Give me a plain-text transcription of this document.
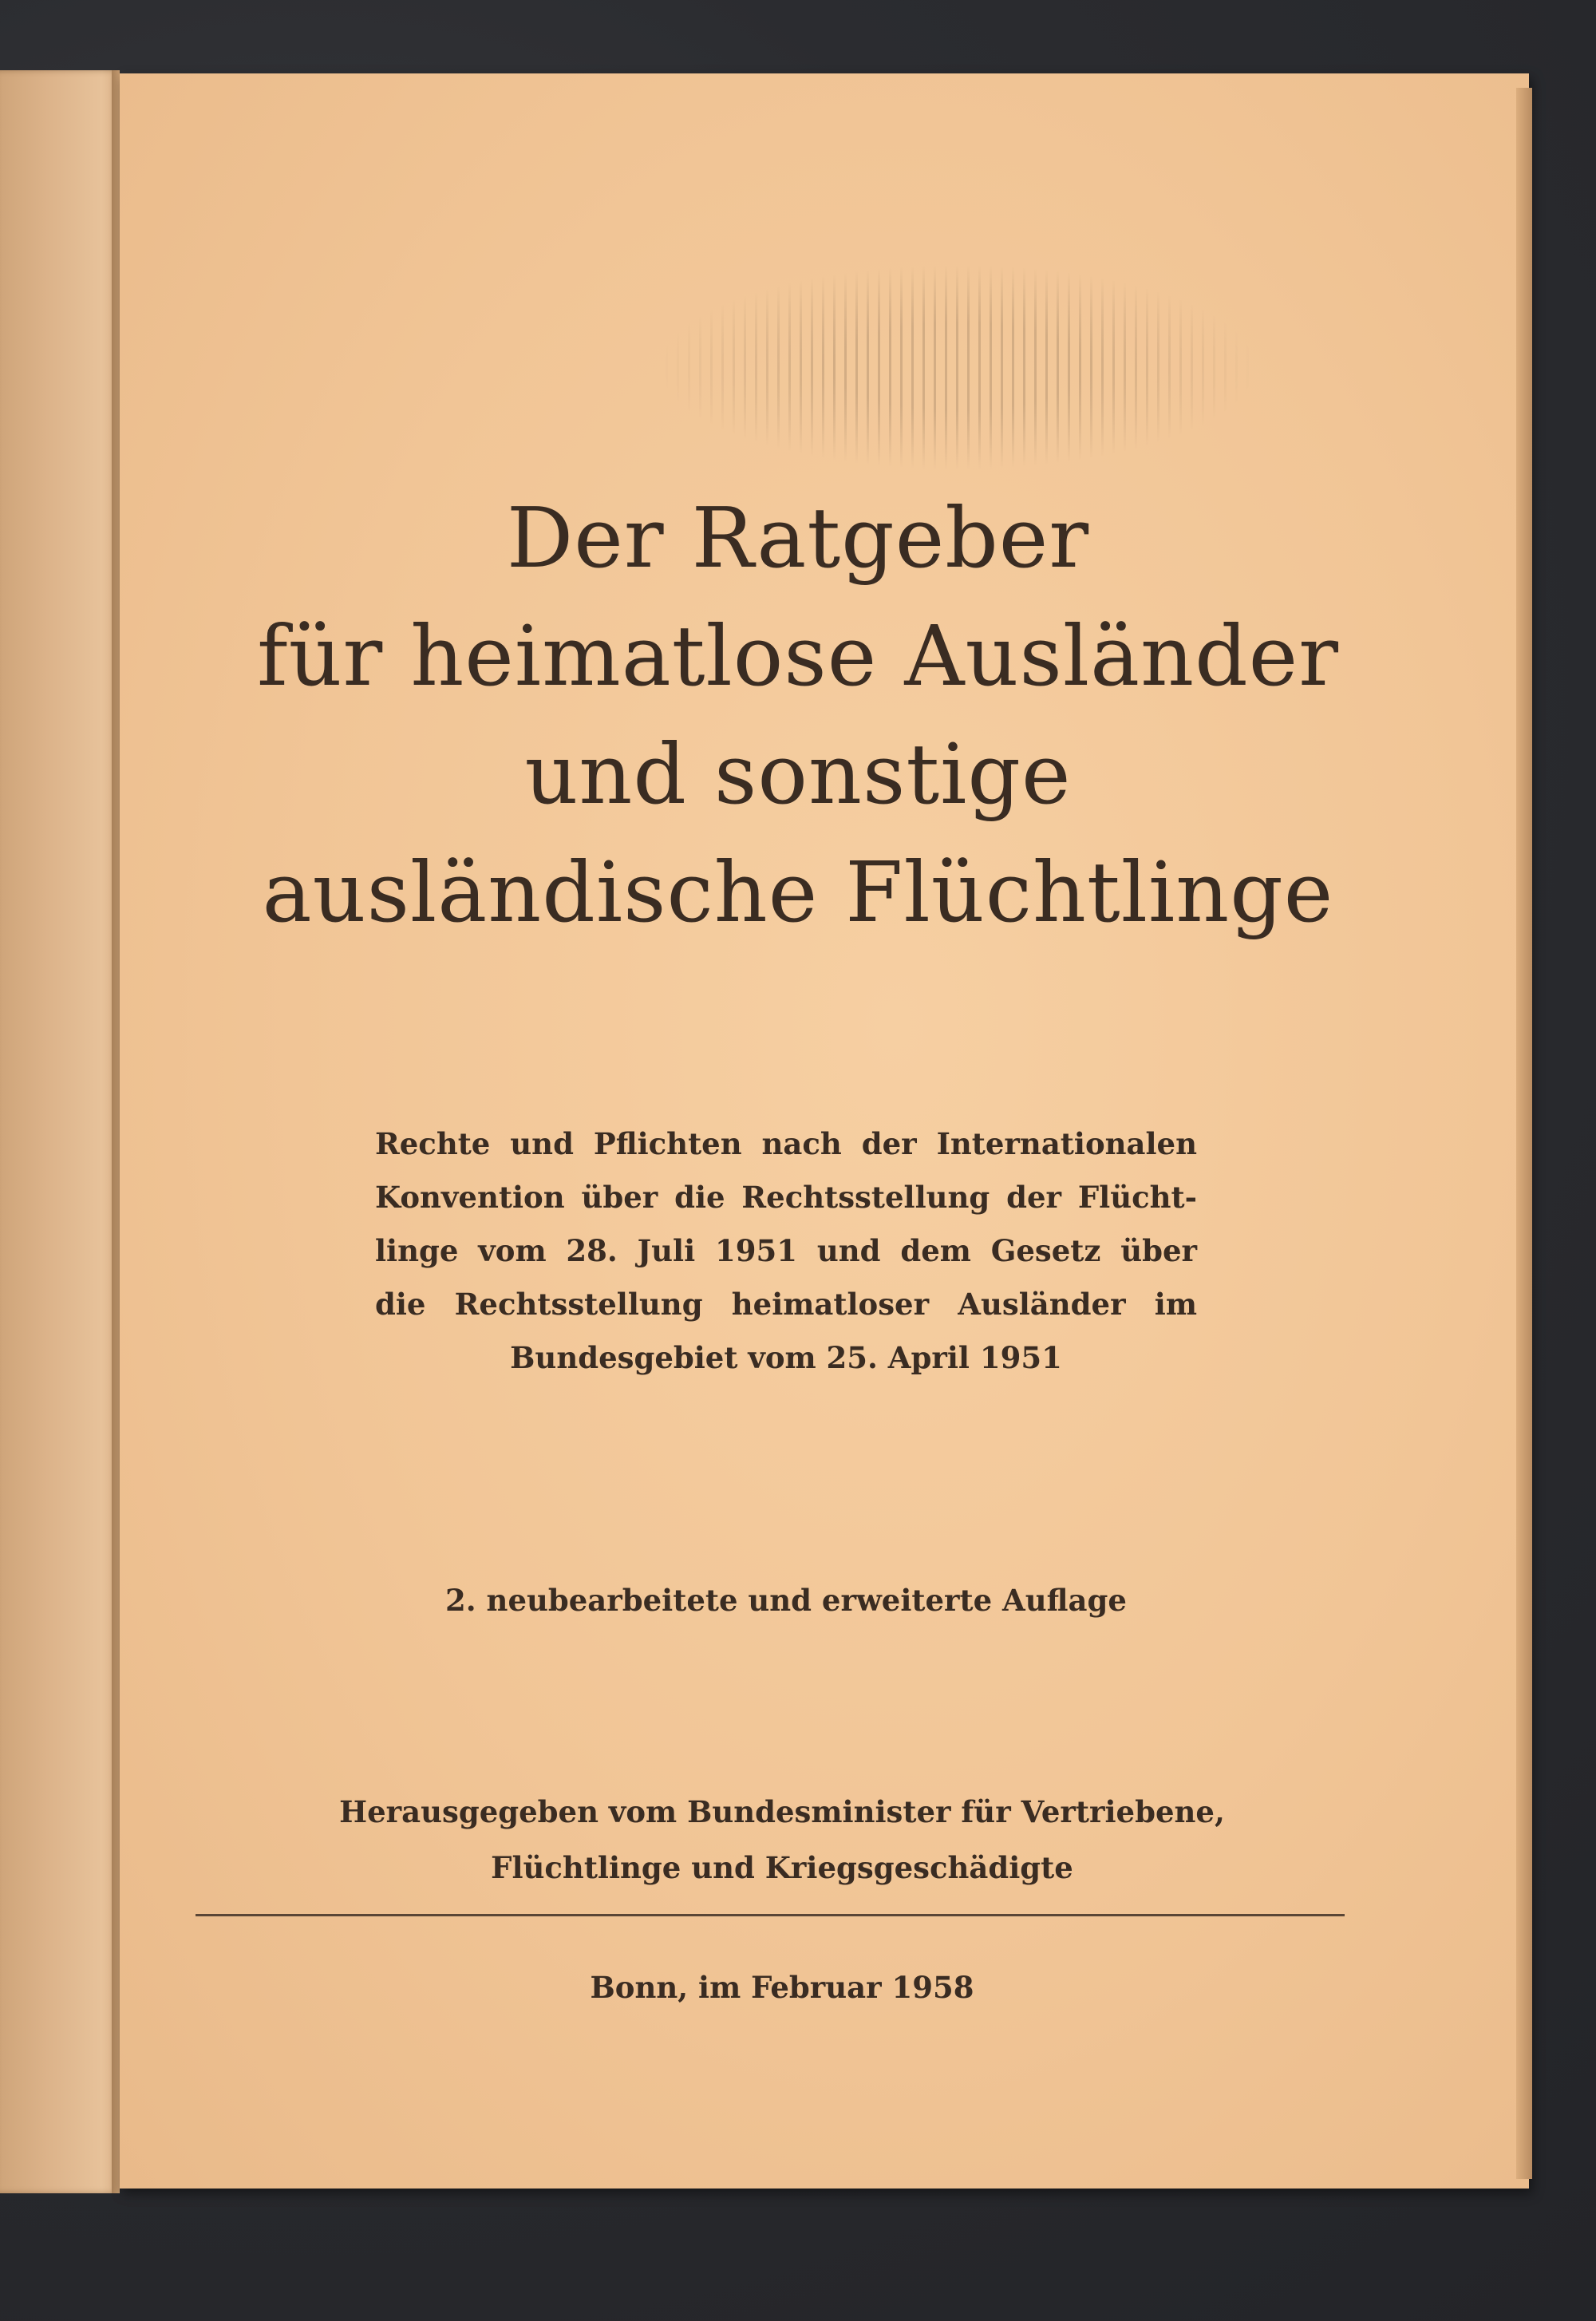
Der Ratgeber
für heimatlose Ausländer
und sonstige
ausländische Flüchtlinge
Rechte und Pflichten nach der Internationalen
Konvention über die Rechtsstellung der Flücht-
linge vom 28. Juli 1951 und dem Gesetz über
die Rechtsstellung heimatloser Ausländer im
Bundesgebiet vom 25. April 1951
2. neubearbeitete und erweiterte Auflage
Herausgegeben vom Bundesminister für Vertriebene,
Flüchtlinge und Kriegsgeschädigte
Bonn, im Februar 1958
